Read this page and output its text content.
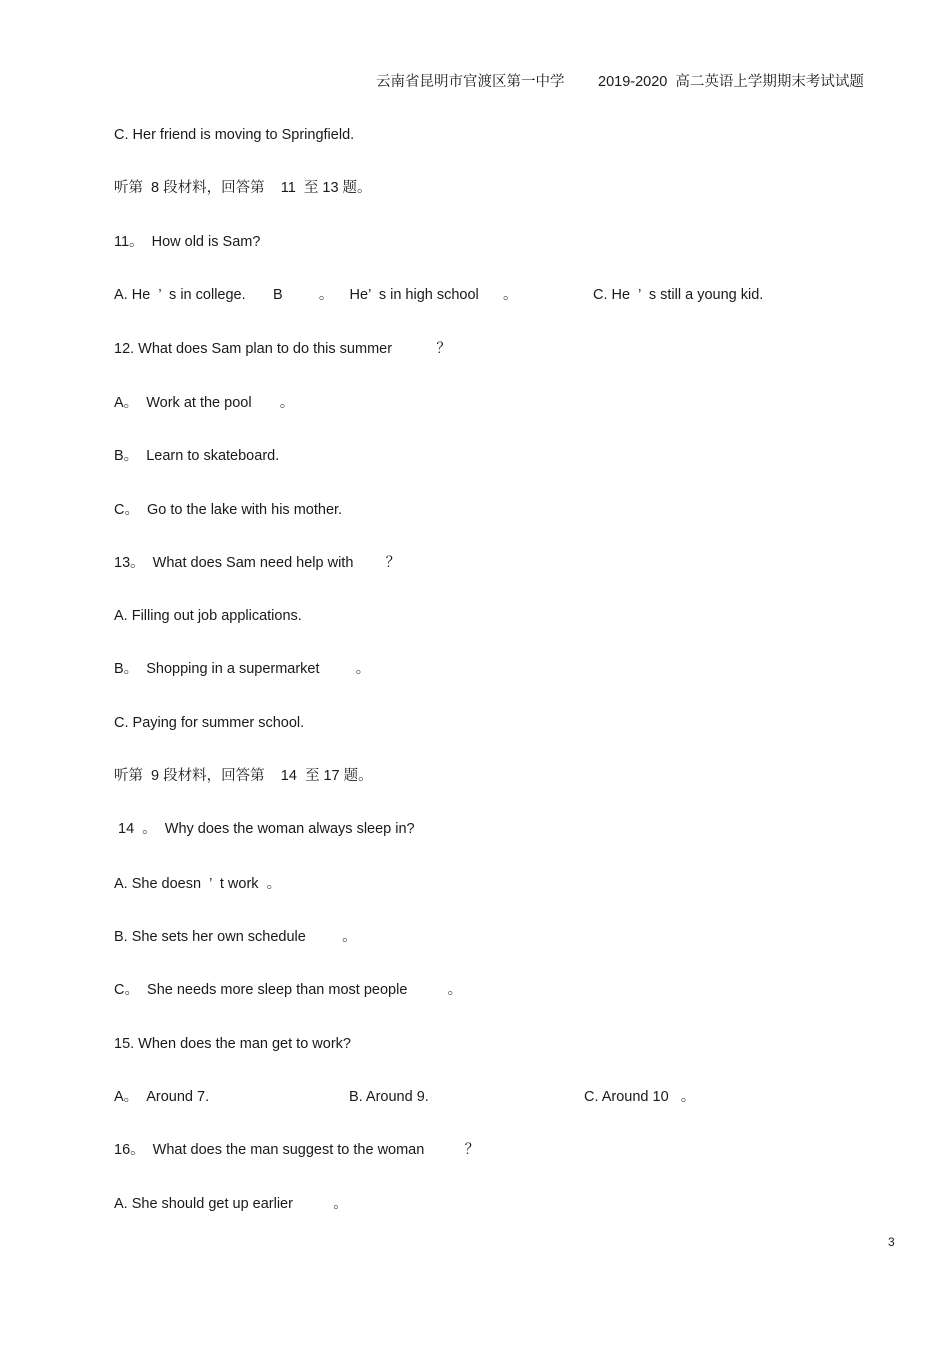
云南省昆明市官渡区第一中学 2019-2020  高二英语上学期期末考试试题
C. Her friend is moving to Springfield.
听第  8 段材料，回答第    11  至 13 题。
11。  How old is Sam?
A. He  ’  s in college. B         。    He’  s in high school      。	C. He  ’  s still a young kid.
12. What does Sam plan to do this summer           ？
A。  Work at the pool       。
B。  Learn to skateboard.
C。  Go to the lake with his mother.
13。  What does Sam need help with        ？
A. Filling out job applications.
B。  Shopping in a supermarket         。
C. Paying for summer school.
听第  9 段材料，回答第    14  至 17 题。
14  。  Why does the woman always sleep in?
A. She doesn  ’  t work  。
B. She sets her own schedule         。
C。  She needs more sleep than most people          。
15. When does the man get to work?
A。  Around 7.	B. Around 9.	C. Around 10   。
16。  What does the man suggest to the woman          ？
A. She should get up earlier          。
3
